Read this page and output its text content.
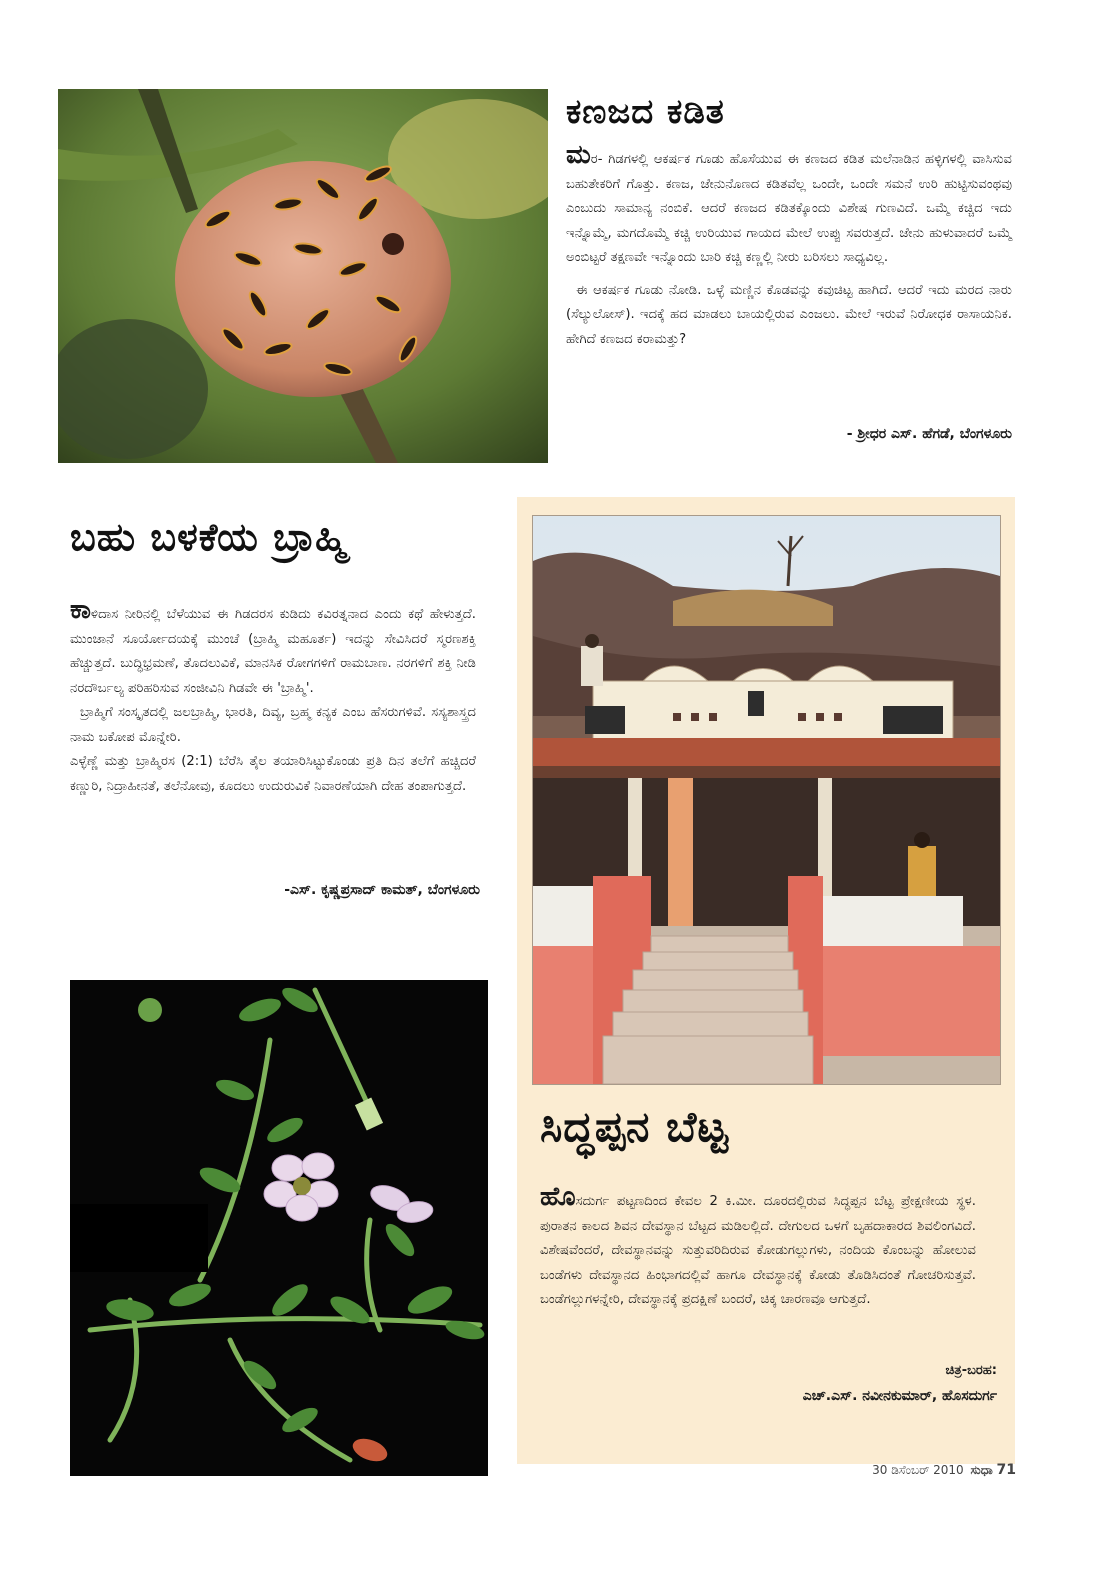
ಕಣಜದ ಕಡಿತ

ಮರ- ಗಿಡಗಳಲ್ಲಿ ಆಕರ್ಷಕ ಗೂಡು ಹೊಸೆಯುವ ಈ ಕಣಜದ ಕಡಿತ ಮಲೆನಾಡಿನ ಹಳ್ಳಿಗಳಲ್ಲಿ ವಾಸಿಸುವ ಬಹುತೇಕರಿಗೆ ಗೊತ್ತು. ಕಣಜ, ಜೇನುನೊಣದ ಕಡಿತವೆಲ್ಲ ಒಂದೇ, ಒಂದೇ ಸಮನೆ ಉರಿ ಹುಟ್ಟಿಸುವಂಥವು ಎಂಬುದು ಸಾಮಾನ್ಯ ನಂಬಿಕೆ. ಆದರೆ ಕಣಜದ ಕಡಿತಕ್ಕೊಂದು ವಿಶೇಷ ಗುಣವಿದೆ. ಒಮ್ಮೆ ಕಚ್ಚಿದ ಇದು ಇನ್ನೊಮ್ಮೆ, ಮಗದೊಮ್ಮೆ ಕಚ್ಚಿ ಉರಿಯುವ ಗಾಯದ ಮೇಲೆ ಉಪ್ಪು ಸವರುತ್ತದೆ. ಜೇನು ಹುಳುವಾದರೆ ಒಮ್ಮೆ ಅಂಬಿಟ್ಟರೆ ತಕ್ಷಣವೇ ಇನ್ನೊಂದು ಬಾರಿ ಕಚ್ಚಿ ಕಣ್ಣಲ್ಲಿ ನೀರು ಬರಿಸಲು ಸಾಧ್ಯವಿಲ್ಲ.

ಈ ಆಕರ್ಷಕ ಗೂಡು ನೋಡಿ. ಒಳ್ಳೆ ಮಣ್ಣಿನ ಕೊಡವನ್ನು ಕವುಚಿಟ್ಟ ಹಾಗಿದೆ. ಆದರೆ ಇದು ಮರದ ನಾರು (ಸೆಲ್ಯುಲೋಸ್). ಇದಕ್ಕೆ ಹದ ಮಾಡಲು ಬಾಯಲ್ಲಿರುವ ಎಂಜಲು. ಮೇಲೆ ಇರುವೆ ನಿರೋಧಕ ರಾಸಾಯನಿಕ. ಹೇಗಿದೆ ಕಣಜದ ಕರಾಮತ್ತು?

- ಶ್ರೀಧರ ಎಸ್. ಹೆಗಡೆ, ಬೆಂಗಳೂರು
ಬಹು ಬಳಕೆಯ ಬ್ರಾಹ್ಮಿ

ಕಾಳಿದಾಸ ನೀರಿನಲ್ಲಿ ಬೆಳೆಯುವ ಈ ಗಿಡದರಸ ಕುಡಿದು ಕವಿರತ್ನನಾದ ಎಂದು ಕಥೆ ಹೇಳುತ್ತದೆ. ಮುಂಜಾನೆ ಸೂರ್ಯೋದಯಕ್ಕೆ ಮುಂಚೆ (ಬ್ರಾಹ್ಮಿ ಮಹೂರ್ತ) ಇದನ್ನು ಸೇವಿಸಿದರೆ ಸ್ಮರಣಶಕ್ತಿ ಹೆಚ್ಚುತ್ತದೆ. ಬುದ್ಧಿಭ್ರಮಣೆ, ತೊದಲುವಿಕೆ, ಮಾನಸಿಕ ರೋಗಗಳಿಗೆ ರಾಮಬಾಣ. ನರಗಳಿಗೆ ಶಕ್ತಿ ನೀಡಿ ನರದೌರ್ಬಲ್ಯ ಪರಿಹರಿಸುವ ಸಂಜೀವಿನಿ ಗಿಡವೇ ಈ 'ಬ್ರಾಹ್ಮಿ'.

ಬ್ರಾಹ್ಮಿಗೆ ಸಂಸ್ಕೃತದಲ್ಲಿ ಜಲಬ್ರಾಹ್ಮಿ, ಭಾರತಿ, ದಿವ್ಯ, ಬ್ರಹ್ಮ ಕನ್ಯಕ ಎಂಬ ಹೆಸರುಗಳಿವೆ. ಸಸ್ಯಶಾಸ್ತ್ರದ ನಾಮ ಬಕೋಪ ಮೊನ್ನೇರಿ.

ಎಳ್ಳೆಣ್ಣೆ ಮತ್ತು ಬ್ರಾಹ್ಮಿರಸ (2:1) ಬೆರೆಸಿ ತೈಲ ತಯಾರಿಸಿಟ್ಟುಕೊಂಡು ಪ್ರತಿ ದಿನ ತಲೆಗೆ ಹಚ್ಚಿದರೆ ಕಣ್ಣುರಿ, ನಿದ್ರಾಹೀನತೆ, ತಲೆನೋವು, ಕೂದಲು ಉದುರುವಿಕೆ ನಿವಾರಣೆಯಾಗಿ ದೇಹ ತಂಪಾಗುತ್ತದೆ.

-ಎಸ್. ಕೃಷ್ಣಪ್ರಸಾದ್ ಕಾಮತ್, ಬೆಂಗಳೂರು
ಸಿದ್ಧಪ್ಪನ ಬೆಟ್ಟ

ಹೊಸದುರ್ಗ ಪಟ್ಟಣದಿಂದ ಕೇವಲ 2 ಕಿ.ಮೀ. ದೂರದಲ್ಲಿರುವ ಸಿದ್ಧಪ್ಪನ ಬೆಟ್ಟ ಪ್ರೇಕ್ಷಣೀಯ ಸ್ಥಳ. ಪುರಾತನ ಕಾಲದ ಶಿವನ ದೇವಸ್ಥಾನ ಬೆಟ್ಟದ ಮಡಿಲಲ್ಲಿದೆ. ದೇಗುಲದ ಒಳಗೆ ಬೃಹದಾಕಾರದ ಶಿವಲಿಂಗವಿದೆ. ವಿಶೇಷವೆಂದರೆ, ದೇವಸ್ಥಾನವನ್ನು ಸುತ್ತುವರಿದಿರುವ ಕೋಡುಗಲ್ಲುಗಳು, ನಂದಿಯ ಕೊಂಬನ್ನು ಹೋಲುವ ಬಂಡೆಗಳು ದೇವಸ್ಥಾನದ ಹಿಂಭಾಗದಲ್ಲಿವೆ ಹಾಗೂ ದೇವಸ್ಥಾನಕ್ಕೆ ಕೋಡು ತೊಡಿಸಿದಂತೆ ಗೋಚರಿಸುತ್ತವೆ. ಬಂಡೆಗಲ್ಲುಗಳನ್ನೇರಿ, ದೇವಸ್ಥಾನಕ್ಕೆ ಪ್ರದಕ್ಷಿಣೆ ಬಂದರೆ, ಚಿಕ್ಕ ಚಾರಣವೂ ಆಗುತ್ತದೆ.

ಚಿತ್ರ-ಬರಹ:
ಎಚ್.ಎಸ್. ನವೀನಕುಮಾರ್, ಹೊಸದುರ್ಗ
30 ಡಿಸೆಂಬರ್ 2010 ಸುಧಾ 71
